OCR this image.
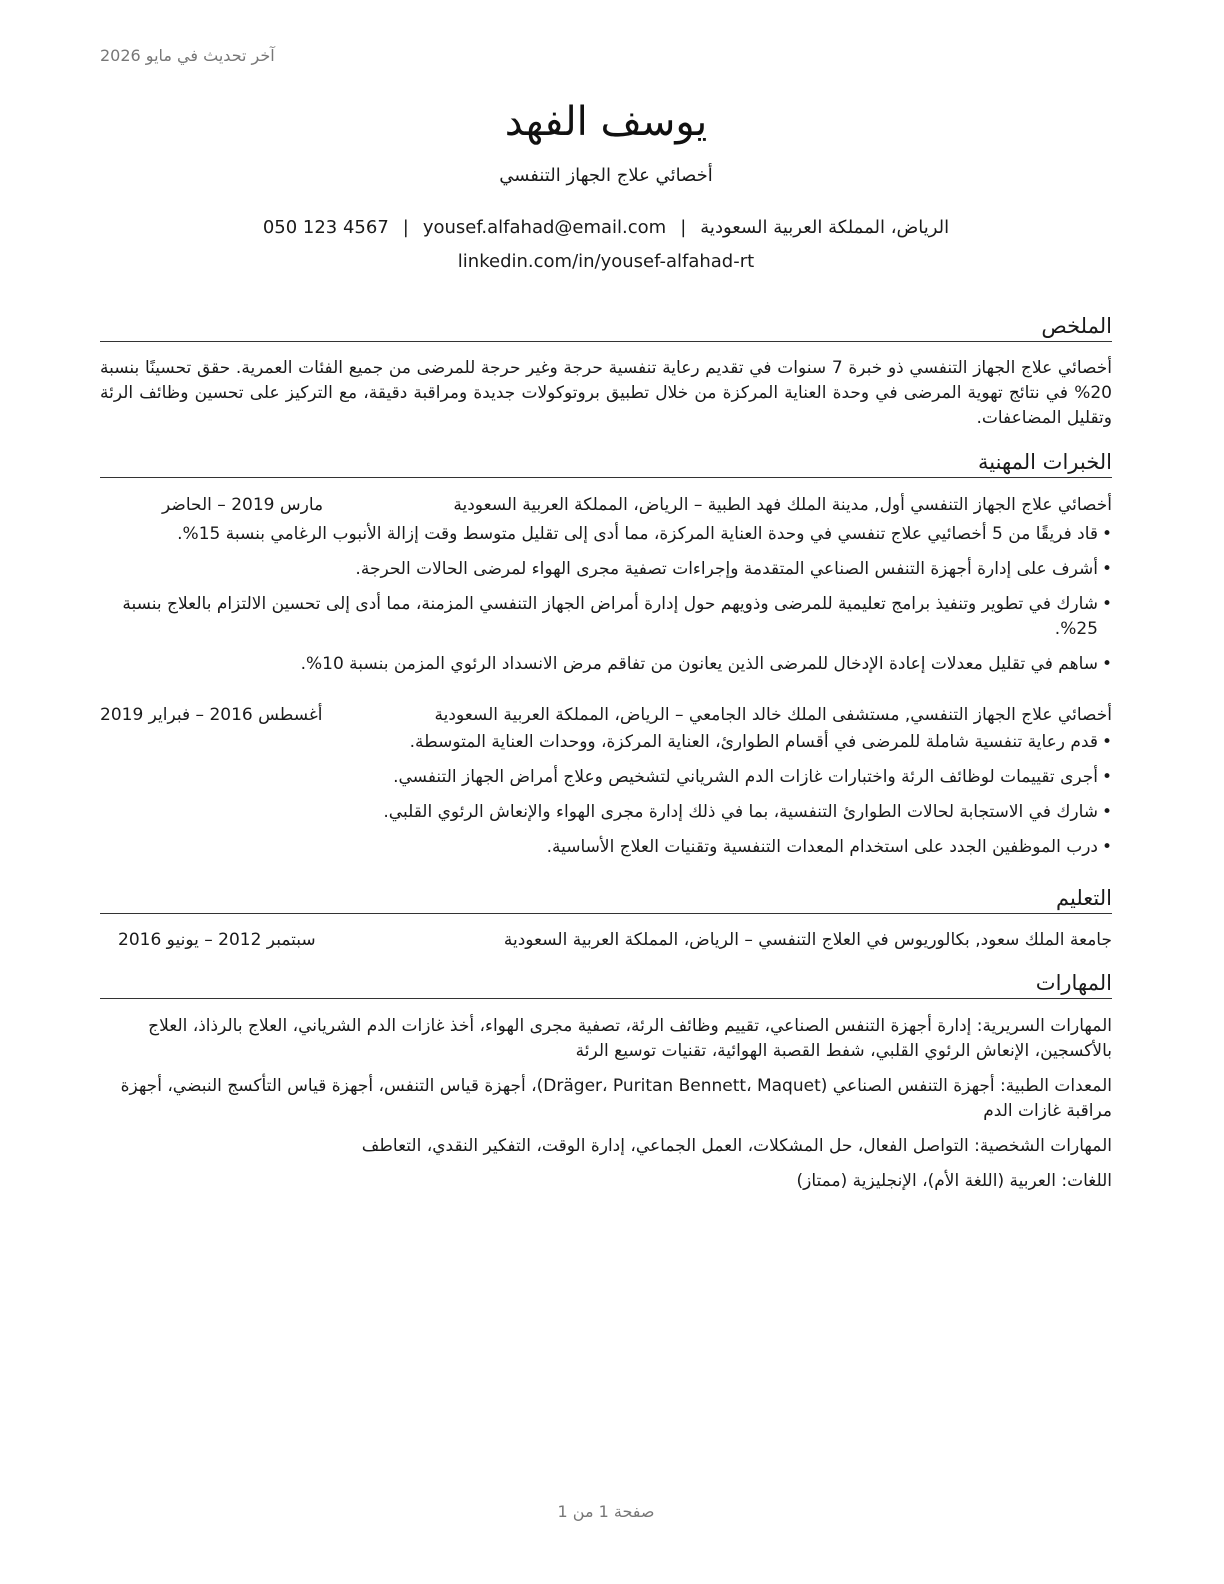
آخر تحديث في مايو 2026
يوسف الفهد
أخصائي علاج الجهاز التنفسي
الرياض، المملكة العربية السعودية|yousef.alfahad@email.com|050 123 4567
linkedin.com/in/yousef-alfahad-rt
الملخص
أخصائي علاج الجهاز التنفسي ذو خبرة 7 سنوات في تقديم رعاية تنفسية حرجة وغير حرجة للمرضى من جميع الفئات العمرية. حقق تحسينًا بنسبة 20% في نتائج تهوية المرضى في وحدة العناية المركزة من خلال تطبيق بروتوكولات جديدة ومراقبة دقيقة، مع التركيز على تحسين وظائف الرئة وتقليل المضاعفات.
الخبرات المهنية
أخصائي علاج الجهاز التنفسي أول, مدينة الملك فهد الطبية – الرياض، المملكة العربية السعودية
مارس 2019 – الحاضر
• قاد فريقًا من 5 أخصائيي علاج تنفسي في وحدة العناية المركزة، مما أدى إلى تقليل متوسط وقت إزالة الأنبوب الرغامي بنسبة 15%.
• أشرف على إدارة أجهزة التنفس الصناعي المتقدمة وإجراءات تصفية مجرى الهواء لمرضى الحالات الحرجة.
• شارك في تطوير وتنفيذ برامج تعليمية للمرضى وذويهم حول إدارة أمراض الجهاز التنفسي المزمنة، مما أدى إلى تحسين الالتزام بالعلاج بنسبة 25%.
• ساهم في تقليل معدلات إعادة الإدخال للمرضى الذين يعانون من تفاقم مرض الانسداد الرئوي المزمن بنسبة 10%.
أخصائي علاج الجهاز التنفسي, مستشفى الملك خالد الجامعي – الرياض، المملكة العربية السعودية
أغسطس 2016 – فبراير 2019
• قدم رعاية تنفسية شاملة للمرضى في أقسام الطوارئ، العناية المركزة، ووحدات العناية المتوسطة.
• أجرى تقييمات لوظائف الرئة واختبارات غازات الدم الشرياني لتشخيص وعلاج أمراض الجهاز التنفسي.
• شارك في الاستجابة لحالات الطوارئ التنفسية، بما في ذلك إدارة مجرى الهواء والإنعاش الرئوي القلبي.
• درب الموظفين الجدد على استخدام المعدات التنفسية وتقنيات العلاج الأساسية.
التعليم
جامعة الملك سعود, بكالوريوس في العلاج التنفسي – الرياض، المملكة العربية السعودية
سبتمبر 2012 – يونيو 2016
المهارات
المهارات السريرية: إدارة أجهزة التنفس الصناعي، تقييم وظائف الرئة، تصفية مجرى الهواء، أخذ غازات الدم الشرياني، العلاج بالرذاذ، العلاج بالأكسجين، الإنعاش الرئوي القلبي، شفط القصبة الهوائية، تقنيات توسيع الرئة
المعدات الطبية: أجهزة التنفس الصناعي (Dräger، Puritan Bennett، Maquet)، أجهزة قياس التنفس، أجهزة قياس التأكسج النبضي، أجهزة مراقبة غازات الدم
المهارات الشخصية: التواصل الفعال، حل المشكلات، العمل الجماعي، إدارة الوقت، التفكير النقدي، التعاطف
اللغات: العربية (اللغة الأم)، الإنجليزية (ممتاز)
صفحة 1 من 1
